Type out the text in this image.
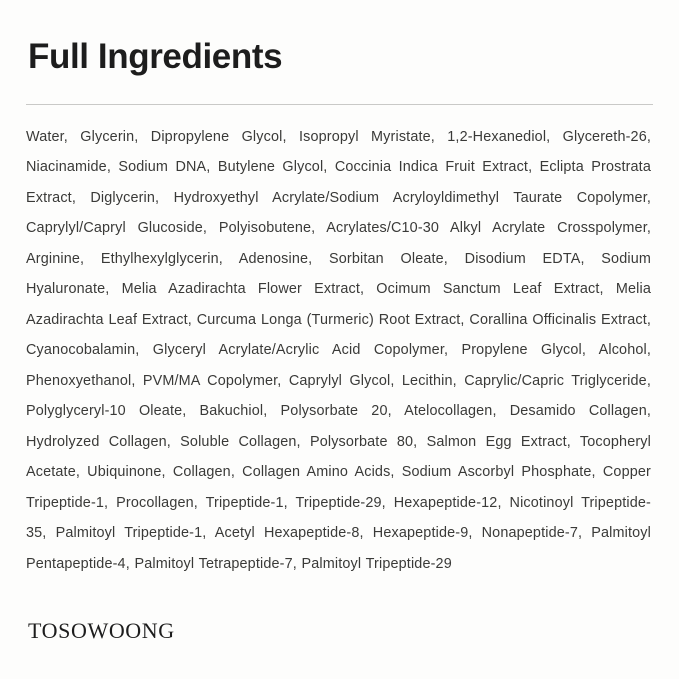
Full Ingredients
Water, Glycerin, Dipropylene Glycol, Isopropyl Myristate, 1,2-Hexanediol, Glycereth-26, Niacinamide, Sodium DNA, Butylene Glycol, Coccinia Indica Fruit Extract, Eclipta Prostrata Extract, Diglycerin, Hydroxyethyl Acrylate/Sodium Acryloyldimethyl Taurate Copolymer, Caprylyl/Capryl Glucoside, Polyisobutene, Acrylates/C10-30 Alkyl Acrylate Crosspolymer, Arginine, Ethylhexylglycerin, Adenosine, Sorbitan Oleate, Disodium EDTA, Sodium Hyaluronate, Melia Azadirachta Flower Extract, Ocimum Sanctum Leaf Extract, Melia Azadirachta Leaf Extract, Curcuma Longa (Turmeric) Root Extract, Corallina Officinalis Extract, Cyanocobalamin, Glyceryl Acrylate/Acrylic Acid Copolymer, Propylene Glycol, Alcohol, Phenoxyethanol, PVM/MA Copolymer, Caprylyl Glycol, Lecithin, Caprylic/Capric Triglyceride, Polyglyceryl-10 Oleate, Bakuchiol, Polysorbate 20, Atelocollagen, Desamido Collagen, Hydrolyzed Collagen, Soluble Collagen, Polysorbate 80, Salmon Egg Extract, Tocopheryl Acetate, Ubiquinone, Collagen, Collagen Amino Acids, Sodium Ascorbyl Phosphate, Copper Tripeptide-1, Procollagen, Tripeptide-1, Tripeptide-29, Hexapeptide-12, Nicotinoyl Tripeptide-35, Palmitoyl Tripeptide-1, Acetyl Hexapeptide-8, Hexapeptide-9, Nonapeptide-7, Palmitoyl Pentapeptide-4, Palmitoyl Tetrapeptide-7, Palmitoyl Tripeptide-29
TOSOWOONG
